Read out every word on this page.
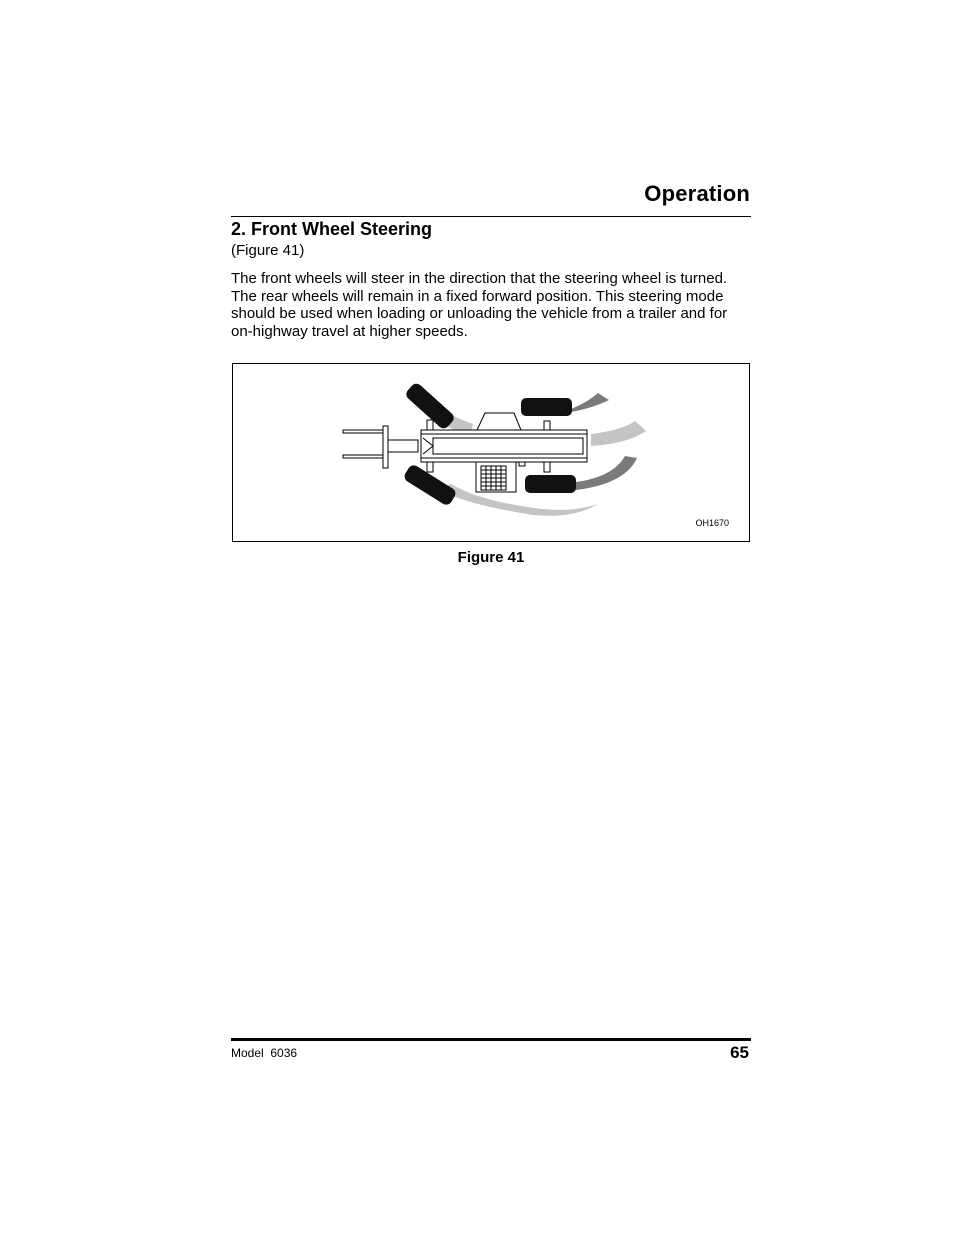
Operation
2. Front Wheel Steering
(Figure 41)

The front wheels will steer in the direction that the steering wheel is turned. The rear wheels will remain in a fixed forward position. This steering mode should be used when loading or unloading the vehicle from a trailer and for on-highway travel at higher speeds.

OH1670
Figure 41
Model  6036	65
